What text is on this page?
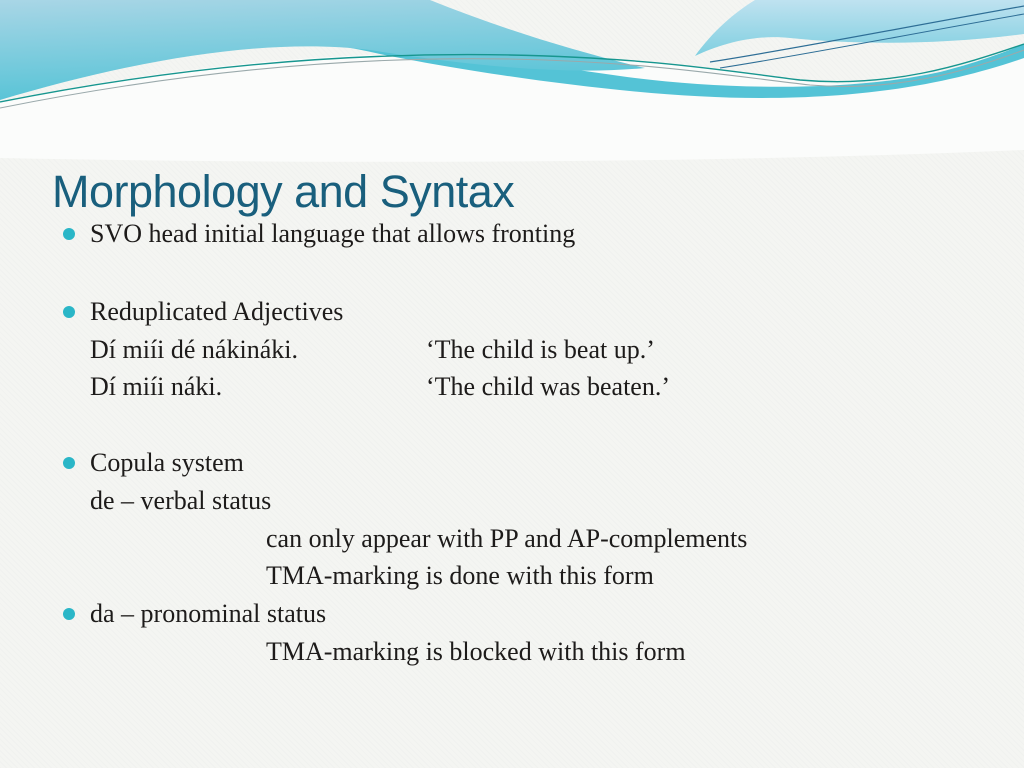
Morphology and Syntax
SVO head initial language that allows fronting
Reduplicated Adjectives
Dí miíi dé nákináki.	‘The child is beat up.’
Dí miíi náki.	‘The child was beaten.’
Copula system
de – verbal status
can only appear with PP and AP-complements
TMA-marking is done with this form
da – pronominal status
TMA-marking is blocked with this form
